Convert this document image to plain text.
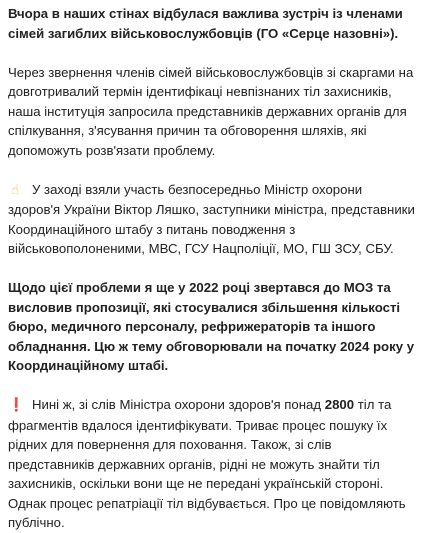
Вчора в наших стінах відбулася важлива зустріч із членами сімей загиблих військовослужбовців (ГО «Серце назовні»).

Через звернення членів сімей військовослужбовців зі скаргами на довготривалий термін ідентифікаці невпізнаних тіл захисників, наша інституція запросила представників державних органів для спілкування, з'ясування причин та обговорення шляхів, які допоможуть розв'язати проблему.

☝ У заході взяли участь безпосередньо Міністр охорони здоров'я України Віктор Ляшко, заступники міністра, представники Координаційного штабу з питань поводження з військовополоненими, МВС, ГСУ Нацполіції, МО, ГШ ЗСУ, СБУ.

Щодо цієї проблеми я ще у 2022 році звертався до МОЗ та висловив пропозиції, які стосувалися збільшення кількості бюро, медичного персоналу, рефрижераторів та іншого обладнання. Цю ж тему обговорювали на початку 2024 року у Координаційному штабі.

❗ Нині ж, зі слів Міністра охорони здоров'я понад 2800 тіл та фрагментів вдалося ідентифікувати. Триває процес пошуку їх рідних для повернення для поховання. Також, зі слів представників державних органів, рідні не можуть знайти тіл захисників, оскільки вони ще не передані українській стороні. Однак процес репатріації тіл відбувається. Про це повідомляють публічно.
